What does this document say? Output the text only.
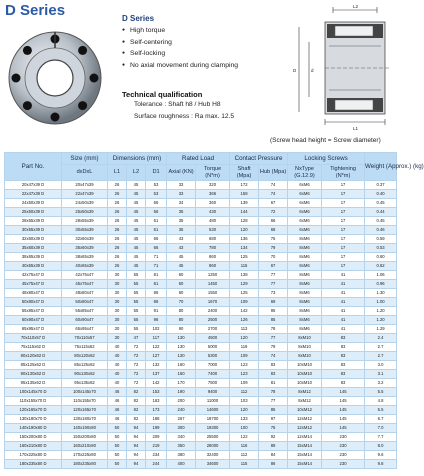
D Series	D Series
● High torque
● Self-centering
● Self-locking
● No axial movement during clamping
Technical qualification
Tolerance : Shaft h8 / Hub H8
Surface roughness : Ra max. 12.5
L2
L1
D	d
(Screw head height = Screw diameter)
Part No.	Size (mm)	Dimensions (mm)			Rated Load		Contact Pressure		Locking Screws		Weight (Approx.) (kg)
	dxDxL	L1	L2	D1	Axial (KN)	Torque (N*m)	Shaft (Mpa)	Hub (Mpa)	NxType (G.12.9)	Tightening (N*m)	
20x47x39 D	20x47x39	26	45	53	33	320	172	74	6xM6	17	0.37
22x47x39 D	22x47x39	26	45	53	33	366	158	74	6xM6	17	0.40
24x50x39 D	24x50x39	26	45	56	34	360	139	67	6xM6	17	0.45
25x50x39 D	25x50x39	26	45	56	35	430	144	72	6xM6	17	0.44
28x55x39 D	28x55x39	26	45	61	35	480	128	66	6xM6	17	0.45
30x55x39 D	30x55x39	26	45	61	35	530	120	68	6xM6	17	0.46
32x60x39 D	32x60x39	26	45	66	43	680	136	75	8xM6	17	0.59
35x60x39 D	35x60x39	26	45	66	43	780	134	79	8xM6	17	0.53
38x65x39 D	38x65x39	26	45	71	45	860	125	70	8xM6	17	0.60
40x65x39 D	40x65x39	26	45	71	45	860	115	67	8xM6	17	0.62
42x75x47 D	42x75x47	30	55	81	60	1250	138	77	8xM6	41	1.06
45x75x47 D	45x75x47	30	55	81	60	1450	129	77	8xM6	41	0.96
48x80x47 D	48x80x47	30	55	86	60	1550	125	73	8xM6	41	1.30
50x80x47 D	50x80x47	30	55	86	70	1670	109	69	8xM6	41	1.00
55x85x47 D	55x85x47	30	55	91	80	2400	142	95	8xM6	41	1.20
60x90x47 D	60x90x47	30	55	96	80	2500	126	85	8xM6	41	1.20
65x95x47 D	65x95x47	30	55	102	90	2700	113	78	8xM6	41	1.29
70x110x57 D	70x110x57	30	47	117	130	4500	120	77	8xM10	83	2.4
75x115x62 D	75x115x62	40	72	122	130	5000	119	79	8xM10	83	2.7
80x120x62 D	80x120x62	40	72	127	130	5300	109	74	8xM10	83	2.7
85x125x62 D	85x125x62	40	72	132	160	7000	123	83	10xM10	83	3.0
90x130x62 D	90x130x62	40	72	137	160	7400	123	83	10xM10	83	3.1
95x135x62 D	95x135x62	40	72	142	170	7500	109	81	10xM10	83	3.2
100x145x70 D	100x145x70	46	82	153	190	9400	112	78	8xM12	145	5.5
110x155x70 D	110x155x70	46	82	163	200	11000	103	77	8xM12	145	4.8
120x165x70 D	120x165x70	46	82	173	240	14600	120	85	10xM12	145	5.5
130x180x70 D	130x180x70	46	82	188	267	18700	133	97	12xM12	145	6.7
140x190x80 D	140x190x80	50	94	199	300	19300	100	75	12xM12	145	7.0
150x200x80 D	150x200x80	50	94	209	340	25500	122	92	12xM14	230	7.7
160x210x80 D	160x210x80	50	94	219	350	28000	116	89	15xM14	230	8.0
170x225x80 D	170x225x80	50	94	234	380	32400	112	84	15xM14	230	9.6
180x235x80 D	180x235x80	50	94	244	400	34600	115	86	15xM14	230	9.8
